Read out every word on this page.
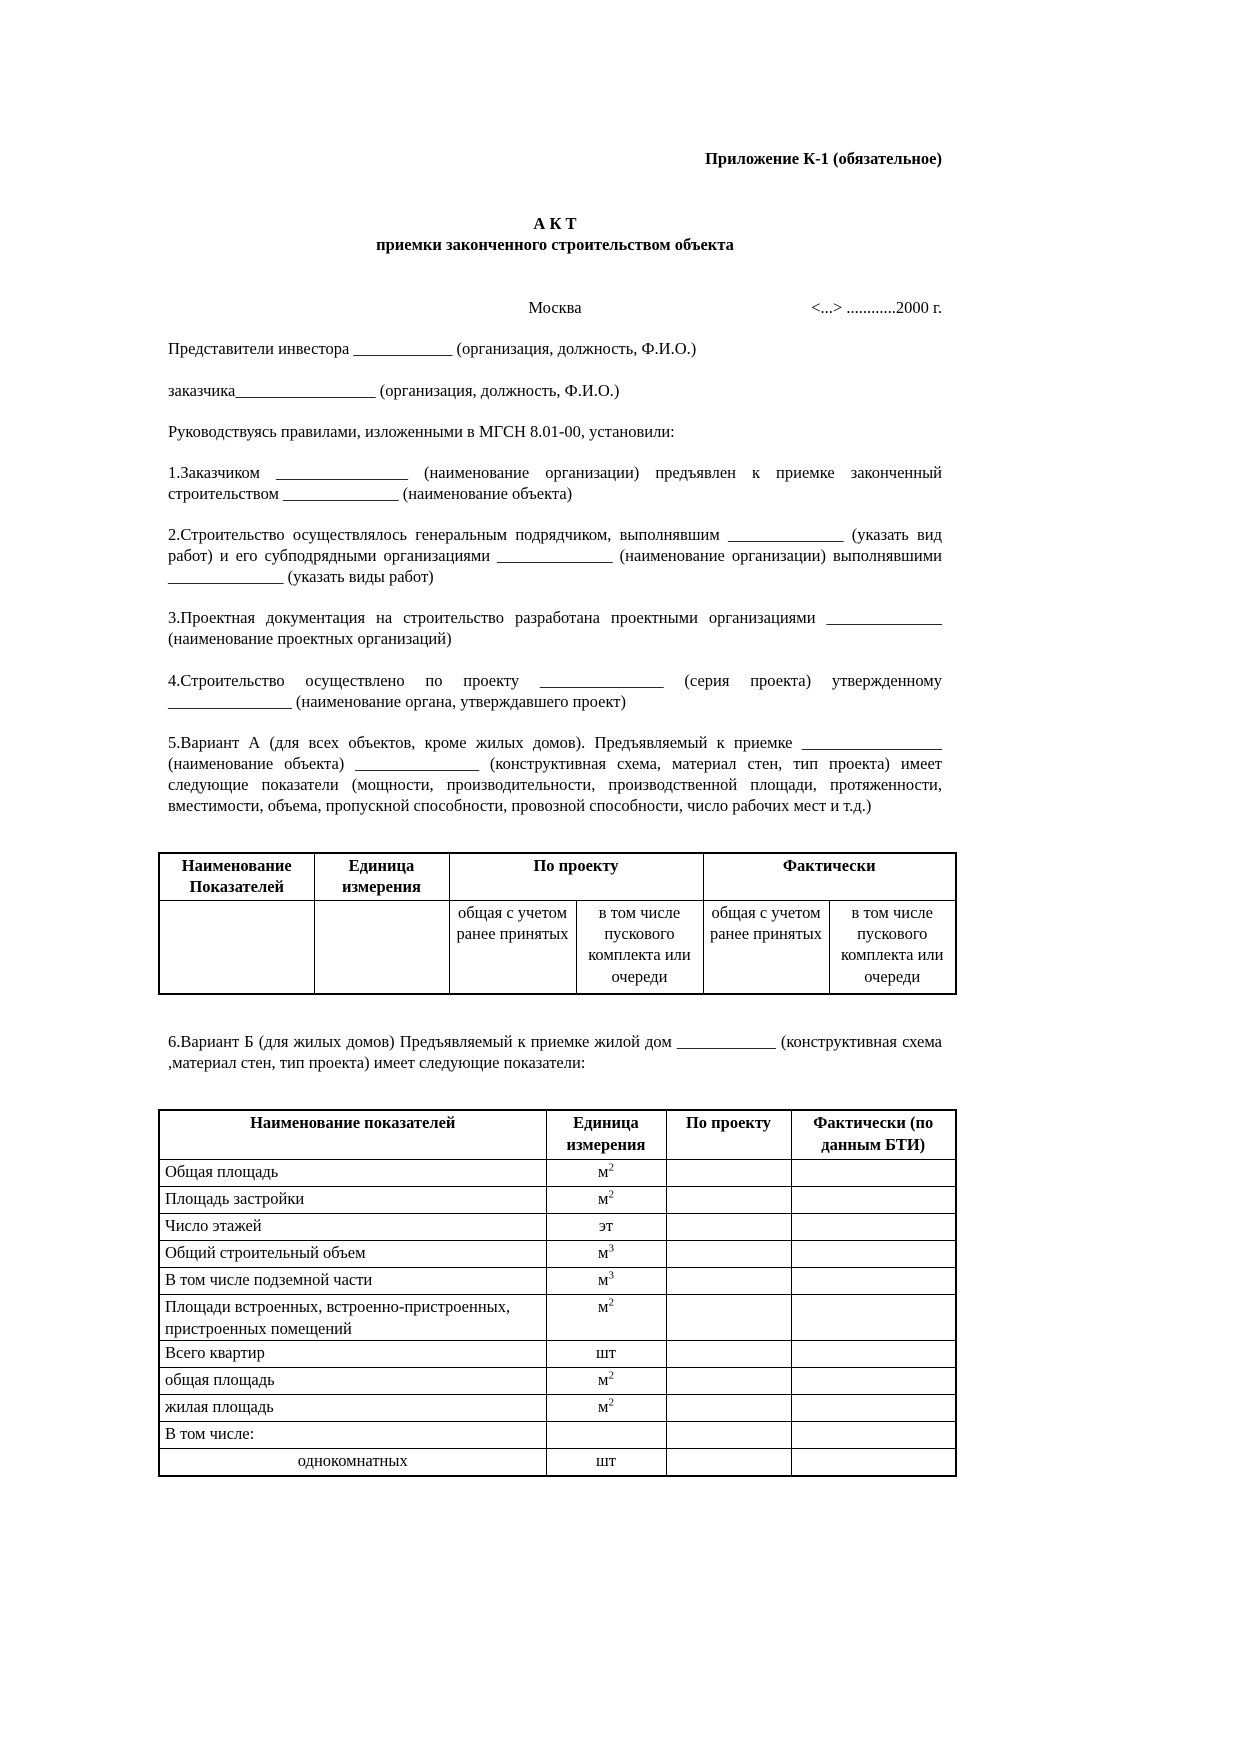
Приложение К-1 (обязательное)
А К Т
приемки законченного строительством объекта
Москва	<...> ............2000 г.

Представители инвестора ____________ (организация, должность, Ф.И.О.)

заказчика_________________ (организация, должность, Ф.И.О.)

Руководствуясь правилами, изложенными в МГСН 8.01-00, установили:

1.Заказчиком ________________ (наименование организации) предъявлен к приемке законченный строительством ______________ (наименование объекта)

2.Строительство осуществлялось генеральным подрядчиком, выполнявшим ______________ (указать вид работ) и его субподрядными организациями ______________ (наименование организации) выполнявшими ______________ (указать виды работ)

3.Проектная документация на строительство разработана проектными организациями ______________ (наименование проектных организаций)

4.Строительство осуществлено по проекту _______________ (серия проекта) утвержденному _______________ (наименование органа, утверждавшего проект)

5.Вариант А (для всех объектов, кроме жилых домов). Предъявляемый к приемке _________________ (наименование объекта) _______________ (конструктивная схема, материал стен, тип проекта) имеет следующие показатели (мощности, производительности, производственной площади, протяженности, вместимости, объема, пропускной способности, провозной способности, число рабочих мест и т.д.)

Наименование Показателей	Единица измерения	По проекту		Фактически	
		общая с учетом ранее принятых	в том числе пускового комплекта или очереди	общая с учетом ранее принятых	в том числе пускового комплекта или очереди

6.Вариант Б (для жилых домов) Предъявляемый к приемке жилой дом ____________ (конструктивная схема ,материал стен, тип проекта) имеет следующие показатели:

Наименование показателей	Единица измерения	По проекту	Фактически (по данным БТИ)
Общая площадь	$м^2$		
Площадь застройки	$м^2$		
Число этажей	эт		
Общий строительный объем	$м^3$		
В том числе подземной части	$м^3$		
Площади встроенных, встроенно-пристроенных, пристроенных помещений	$м^2$		
Всего квартир	шт		
общая площадь	$м^2$		
жилая площадь	$м^2$		
В том числе:			
однокомнатных	шт		
